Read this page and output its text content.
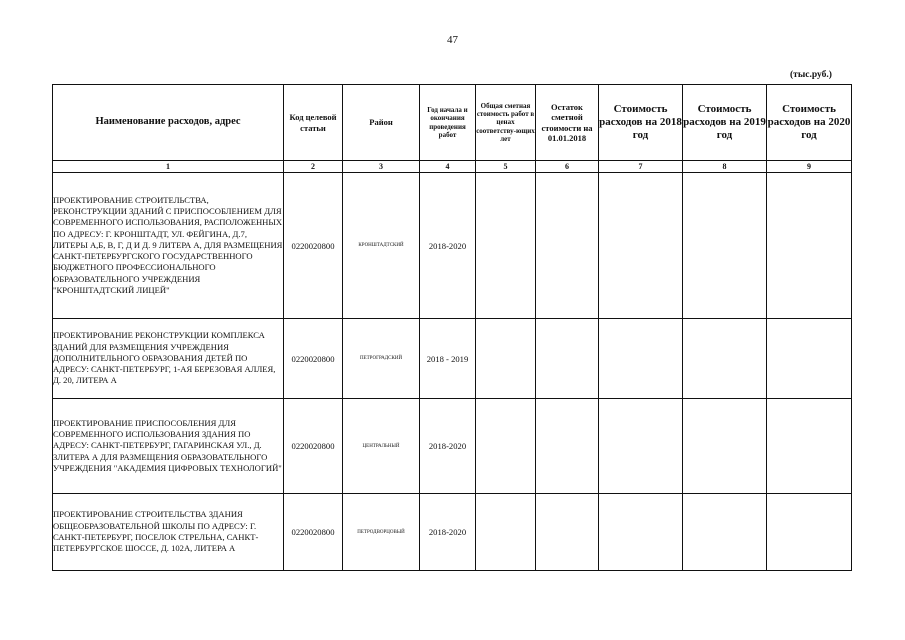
47
(тыс.руб.)
Наименование расходов, адрес	Код целевой статьи	Район	Год начала и окончания проведения работ	Общая сметная стоимость работ в ценах соответству-ющих лет	Остаток сметной стоимости на 01.01.2018	Стоимость расходов на 2018 год	Стоимость расходов на 2019 год	Стоимость расходов на 2020 год
1	2	3	4	5	6	7	8	9
ПРОЕКТИРОВАНИЕ СТРОИТЕЛЬСТВА, РЕКОНСТРУКЦИИ ЗДАНИЙ С ПРИСПОСОБЛЕНИЕМ ДЛЯ СОВРЕМЕННОГО ИСПОЛЬЗОВАНИЯ, РАСПОЛОЖЕННЫХ ПО АДРЕСУ: Г. КРОНШТАДТ, УЛ. ФЕЙГИНА, Д.7, ЛИТЕРЫ А,Б, В, Г, Д И Д. 9 ЛИТЕРА А, ДЛЯ РАЗМЕЩЕНИЯ САНКТ-ПЕТЕРБУРГСКОГО ГОСУДАРСТВЕННОГО БЮДЖЕТНОГО ПРОФЕССИОНАЛЬНОГО ОБРАЗОВАТЕЛЬНОГО УЧРЕЖДЕНИЯ "КРОНШТАДТСКИЙ ЛИЦЕЙ"	0220020800	КРОНШТАДТСКИЙ	2018-2020					
ПРОЕКТИРОВАНИЕ РЕКОНСТРУКЦИИ КОМПЛЕКСА ЗДАНИЙ ДЛЯ РАЗМЕЩЕНИЯ УЧРЕЖДЕНИЯ ДОПОЛНИТЕЛЬНОГО ОБРАЗОВАНИЯ ДЕТЕЙ ПО АДРЕСУ: САНКТ-ПЕТЕРБУРГ, 1-АЯ БЕРЕЗОВАЯ АЛЛЕЯ, Д. 20, ЛИТЕРА А	0220020800	ПЕТРОГРАДСКИЙ	2018 - 2019					
ПРОЕКТИРОВАНИЕ ПРИСПОСОБЛЕНИЯ ДЛЯ СОВРЕМЕННОГО ИСПОЛЬЗОВАНИЯ ЗДАНИЯ ПО АДРЕСУ: САНКТ-ПЕТЕРБУРГ, ГАГАРИНСКАЯ УЛ., Д. 3ЛИТЕРА А ДЛЯ РАЗМЕЩЕНИЯ ОБРАЗОВАТЕЛЬНОГО УЧРЕЖДЕНИЯ "АКАДЕМИЯ ЦИФРОВЫХ ТЕХНОЛОГИЙ"	0220020800	ЦЕНТРАЛЬНЫЙ	2018-2020					
ПРОЕКТИРОВАНИЕ СТРОИТЕЛЬСТВА ЗДАНИЯ ОБЩЕОБРАЗОВАТЕЛЬНОЙ ШКОЛЫ ПО АДРЕСУ: Г. САНКТ-ПЕТЕРБУРГ, ПОСЕЛОК СТРЕЛЬНА, САНКТ-ПЕТЕРБУРГСКОЕ ШОССЕ, Д. 102А, ЛИТЕРА А	0220020800	ПЕТРОДВОРЦОВЫЙ	2018-2020					
